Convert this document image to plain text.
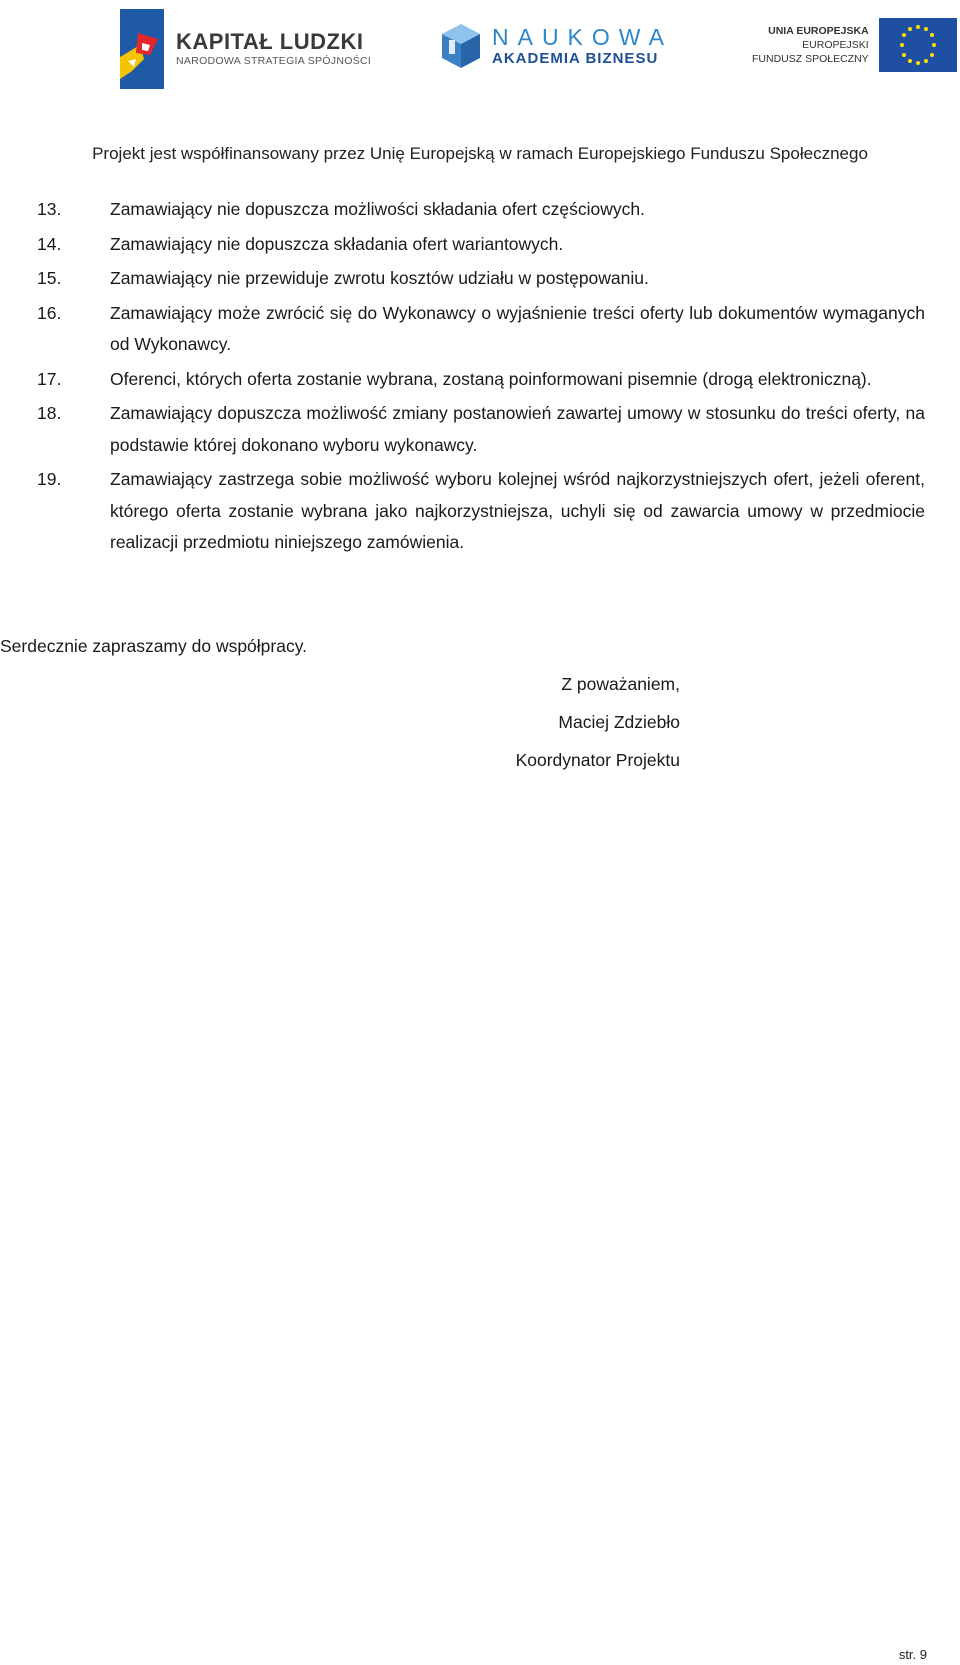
KAPITAŁ LUDZKI
NARODOWA STRATEGIA SPÓJNOŚCI
NAUKOWA
AKADEMIA BIZNESU
UNIA EUROPEJSKA
EUROPEJSKI
FUNDUSZ SPOŁECZNY
Projekt jest współfinansowany przez Unię Europejską w ramach Europejskiego Funduszu Społecznego
13.	Zamawiający nie dopuszcza możliwości składania ofert częściowych.
14.	Zamawiający nie dopuszcza składania ofert wariantowych.
15.	Zamawiający nie przewiduje zwrotu kosztów udziału w postępowaniu.
16.	Zamawiający może zwrócić się do Wykonawcy o wyjaśnienie treści oferty lub dokumentów wymaganych od Wykonawcy.
17.	Oferenci, których oferta zostanie wybrana, zostaną poinformowani pisemnie (drogą elektroniczną).
18.	Zamawiający dopuszcza możliwość zmiany postanowień zawartej umowy w stosunku do treści oferty, na podstawie której dokonano wyboru wykonawcy.
19.	Zamawiający zastrzega sobie możliwość wyboru kolejnej wśród najkorzystniejszych ofert, jeżeli oferent, którego oferta zostanie wybrana jako najkorzystniejsza, uchyli się od zawarcia umowy w przedmiocie realizacji przedmiotu niniejszego zamówienia.
Serdecznie zapraszamy do współpracy.
Z poważaniem,
Maciej Zdziebło
Koordynator Projektu
str. 9
